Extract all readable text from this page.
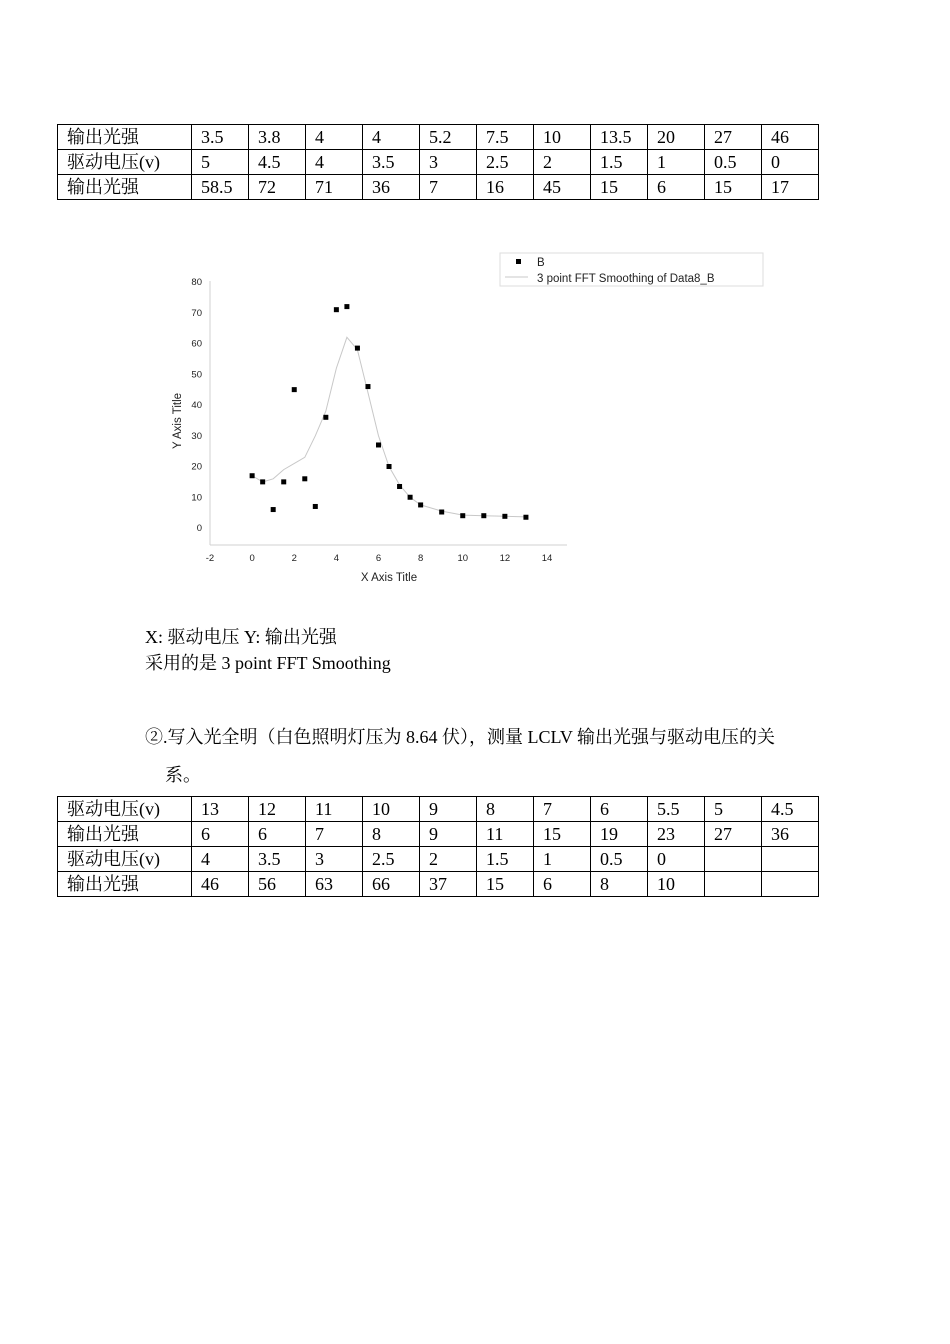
输出光强	3.5	3.8	4	4	5.2	7.5	10	13.5	20	27	46
驱动电压(v)	5	4.5	4	3.5	3	2.5	2	1.5	1	0.5	0
输出光强	58.5	72	71	36	7	16	45	15	6	15	17
B
3 point FFT Smoothing of Data8_B
X Axis Title
Y Axis Title
-2	0	2	4	6	8	10	12	14
0
10
20
30
40
50
60
70
80
X: 驱动电压 Y: 输出光强
采用的是 3 point FFT Smoothing
②.写入光全明（白色照明灯压为 8.64 伏），测量 LCLV 输出光强与驱动电压的关
系。
驱动电压(v)	13	12	11	10	9	8	7	6	5.5	5	4.5
输出光强	6	6	7	8	9	11	15	19	23	27	36
驱动电压(v)	4	3.5	3	2.5	2	1.5	1	0.5	0		
输出光强	46	56	63	66	37	15	6	8	10		
